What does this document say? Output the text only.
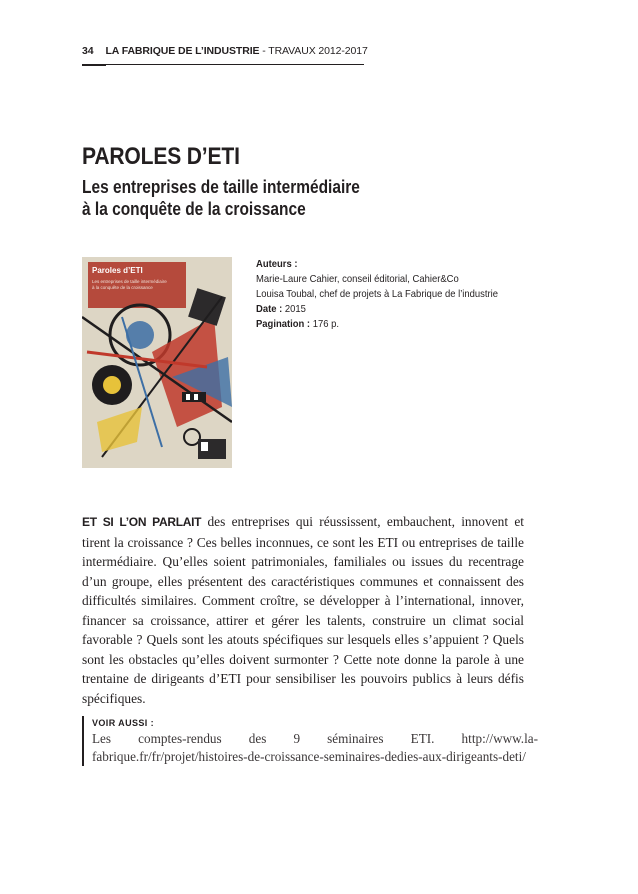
34 LA FABRIQUE DE L’INDUSTRIE - TRAVAUX 2012-2017
PAROLES D’ETI
Les entreprises de taille intermédiaire
à la conquête de la croissance
Paroles d’ETI
Les entreprises de taille intermédiaire
à la conquête de la croissance
Auteurs :
Marie-Laure Cahier, conseil éditorial, Cahier&Co
Louisa Toubal, chef de projets à La Fabrique de l’industrie
Date : 2015
Pagination : 176 p.

ET SI L’ON PARLAIT des entreprises qui réussissent, embauchent, innovent et tirent la croissance ? Ces belles inconnues, ce sont les ETI ou entreprises de taille intermédiaire. Qu’elles soient patrimoniales, familiales ou issues du recentrage d’un groupe, elles présentent des caractéristiques communes et connaissent des difficultés similaires. Comment croître, se développer à l’international, innover, financer sa croissance, attirer et gérer les talents, construire un climat social favorable ? Quels sont les atouts spécifiques sur lesquels elles s’appuient ? Quels sont les obstacles qu’elles doivent surmonter ? Cette note donne la parole à une trentaine de dirigeants d’ETI pour sensibiliser les pouvoirs publics à leurs défis spécifiques.

VOIR AUSSI :
Les comptes-rendus des 9 séminaires ETI. http://www.la-fabrique.fr/fr/projet/histoires-de-croissance-seminaires-dedies-aux-dirigeants-deti/
